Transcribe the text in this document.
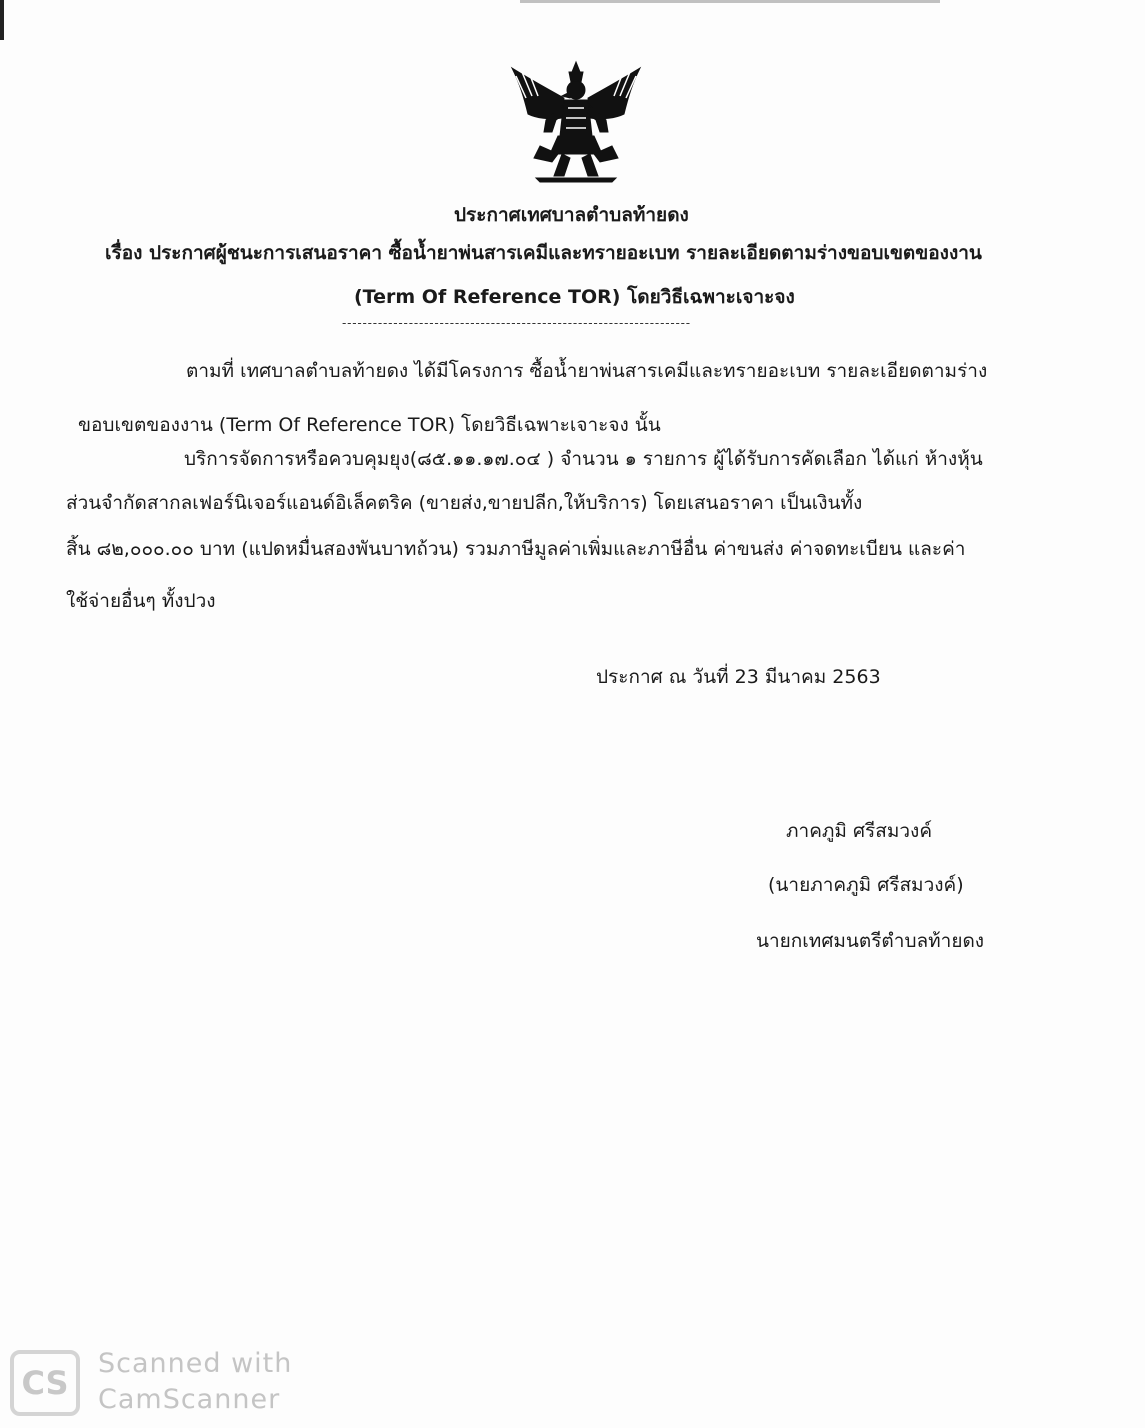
ประกาศเทศบาลตำบลท้ายดง
เรื่อง ประกาศผู้ชนะการเสนอราคา ซื้อน้ำยาพ่นสารเคมีและทรายอะเบท รายละเอียดตามร่างขอบเขตของงาน
(Term Of Reference TOR) โดยวิธีเฉพาะเจาะจง
--------------------------------------------------------------------
ตามที่ เทศบาลตำบลท้ายดง ได้มีโครงการ ซื้อน้ำยาพ่นสารเคมีและทรายอะเบท รายละเอียดตามร่าง
ขอบเขตของงาน (Term Of Reference TOR) โดยวิธีเฉพาะเจาะจง นั้น
บริการจัดการหรือควบคุมยุง(๘๕.๑๑.๑๗.๐๔ ) จำนวน ๑ รายการ ผู้ได้รับการคัดเลือก ได้แก่ ห้างหุ้น
ส่วนจำกัดสากลเฟอร์นิเจอร์แอนด์อิเล็คตริค (ขายส่ง,ขายปลีก,ให้บริการ) โดยเสนอราคา เป็นเงินทั้ง
สิ้น ๘๒,๐๐๐.๐๐ บาท (แปดหมื่นสองพันบาทถ้วน) รวมภาษีมูลค่าเพิ่มและภาษีอื่น ค่าขนส่ง ค่าจดทะเบียน และค่า
ใช้จ่ายอื่นๆ ทั้งปวง
ประกาศ ณ วันที่ 23 มีนาคม 2563
ภาคภูมิ ศรีสมวงค์
(นายภาคภูมิ ศรีสมวงค์)
นายกเทศมนตรีตำบลท้ายดง
CS
Scanned with
CamScanner
